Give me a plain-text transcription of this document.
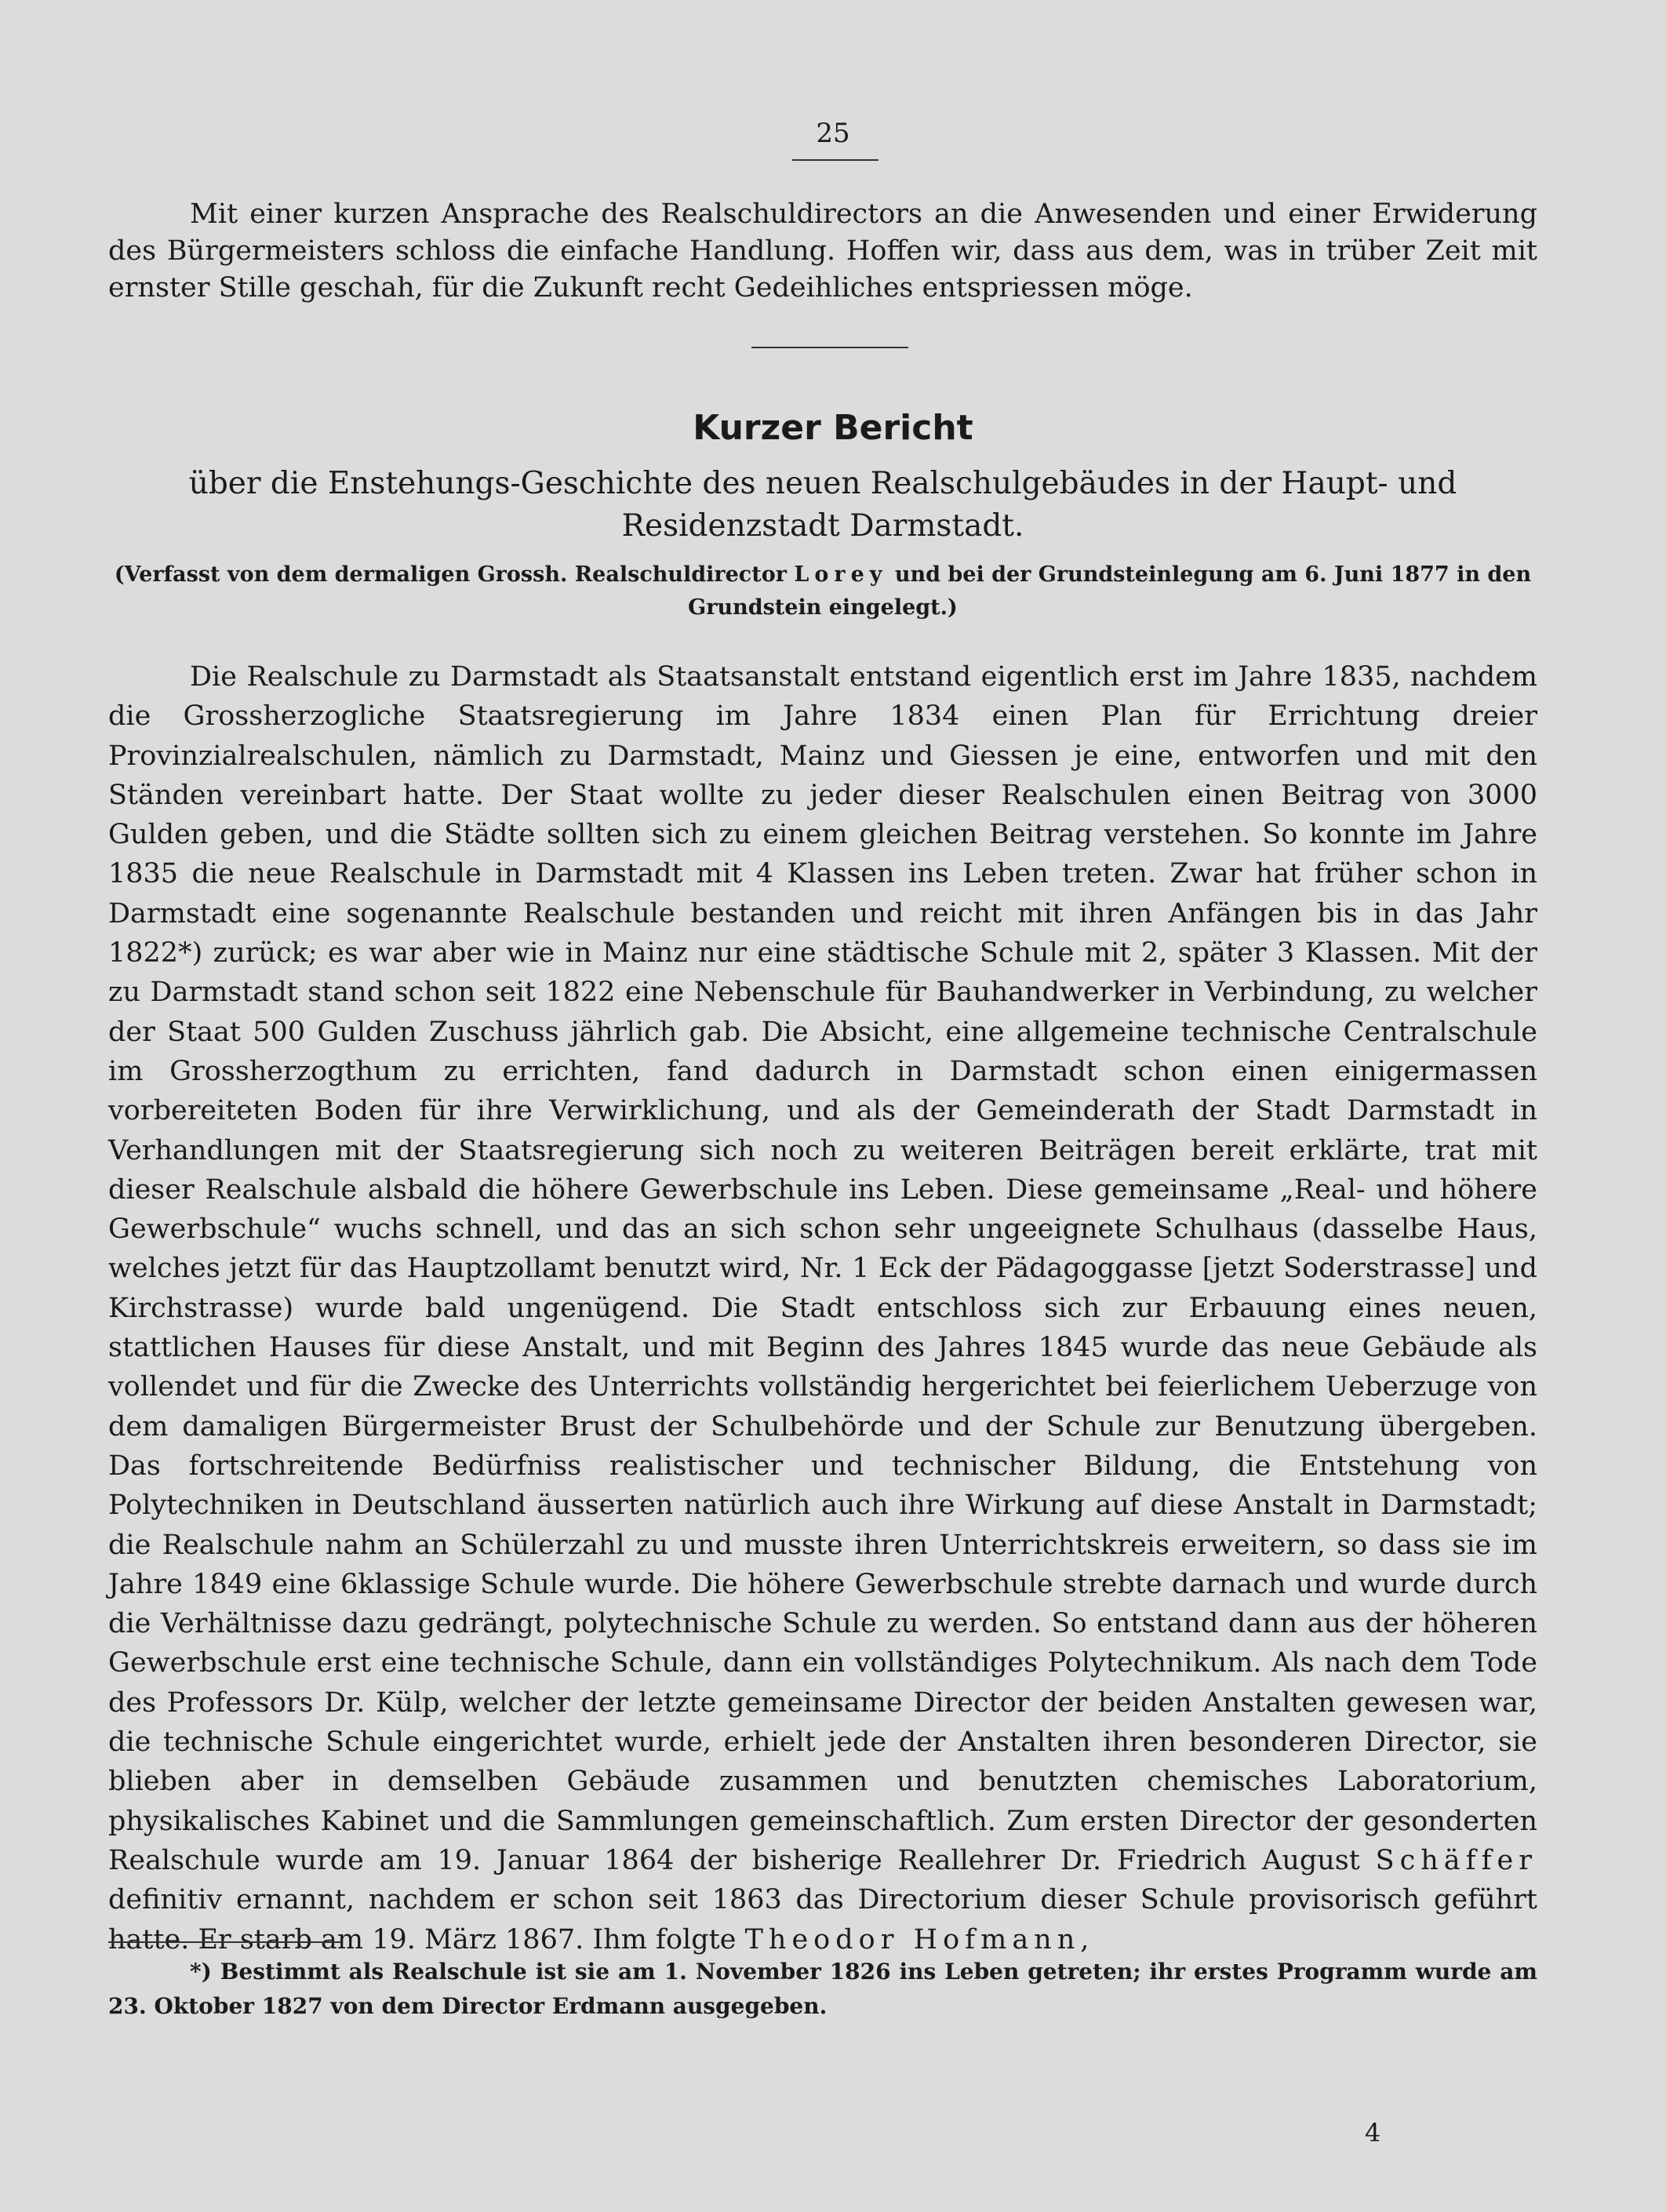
25

Mit einer kurzen Ansprache des Realschuldirectors an die Anwesenden und einer Erwiderung des Bürgermeisters schloss die einfache Handlung. Hoffen wir, dass aus dem, was in trüber Zeit mit ernster Stille geschah, für die Zukunft recht Gedeihliches entspriessen möge.

Kurzer Bericht
über die Enstehungs-Geschichte des neuen Realschulgebäudes in der Haupt- und Residenzstadt Darmstadt.
(Verfasst von dem dermaligen Grossh. Realschuldirector Lorey und bei der Grundsteinlegung am 6. Juni 1877 in den Grundstein eingelegt.)

Die Realschule zu Darmstadt als Staatsanstalt entstand eigentlich erst im Jahre 1835, nachdem die Grossherzogliche Staatsregierung im Jahre 1834 einen Plan für Errichtung dreier Provinzialrealschulen, nämlich zu Darmstadt, Mainz und Giessen je eine, entworfen und mit den Ständen vereinbart hatte. Der Staat wollte zu jeder dieser Realschulen einen Beitrag von 3000 Gulden geben, und die Städte sollten sich zu einem gleichen Beitrag verstehen. So konnte im Jahre 1835 die neue Realschule in Darmstadt mit 4 Klassen ins Leben treten. Zwar hat früher schon in Darmstadt eine sogenannte Realschule bestanden und reicht mit ihren Anfängen bis in das Jahr 1822*) zurück; es war aber wie in Mainz nur eine städtische Schule mit 2, später 3 Klassen. Mit der zu Darmstadt stand schon seit 1822 eine Nebenschule für Bauhandwerker in Verbindung, zu welcher der Staat 500 Gulden Zuschuss jährlich gab. Die Absicht, eine allgemeine technische Centralschule im Grossherzogthum zu errichten, fand dadurch in Darmstadt schon einen einigermassen vorbereiteten Boden für ihre Verwirklichung, und als der Gemeinderath der Stadt Darmstadt in Verhandlungen mit der Staatsregierung sich noch zu weiteren Beiträgen bereit erklärte, trat mit dieser Realschule alsbald die höhere Gewerbschule ins Leben. Diese gemeinsame „Real- und höhere Gewerbschule“ wuchs schnell, und das an sich schon sehr ungeeignete Schulhaus (dasselbe Haus, welches jetzt für das Hauptzollamt benutzt wird, Nr. 1 Eck der Pädagoggasse [jetzt Soderstrasse] und Kirchstrasse) wurde bald ungenügend. Die Stadt entschloss sich zur Erbauung eines neuen, stattlichen Hauses für diese Anstalt, und mit Beginn des Jahres 1845 wurde das neue Gebäude als vollendet und für die Zwecke des Unterrichts vollständig hergerichtet bei feierlichem Ueberzuge von dem damaligen Bürgermeister Brust der Schulbehörde und der Schule zur Benutzung übergeben. Das fortschreitende Bedürfniss realistischer und technischer Bildung, die Entstehung von Polytechniken in Deutschland äusserten natürlich auch ihre Wirkung auf diese Anstalt in Darmstadt; die Realschule nahm an Schülerzahl zu und musste ihren Unterrichtskreis erweitern, so dass sie im Jahre 1849 eine 6klassige Schule wurde. Die höhere Gewerbschule strebte darnach und wurde durch die Verhältnisse dazu gedrängt, polytechnische Schule zu werden. So entstand dann aus der höheren Gewerbschule erst eine technische Schule, dann ein vollständiges Polytechnikum. Als nach dem Tode des Professors Dr. Külp, welcher der letzte gemeinsame Director der beiden Anstalten gewesen war, die technische Schule eingerichtet wurde, erhielt jede der Anstalten ihren besonderen Director, sie blieben aber in demselben Gebäude zusammen und benutzten chemisches Laboratorium, physikalisches Kabinet und die Sammlungen gemeinschaftlich. Zum ersten Director der gesonderten Realschule wurde am 19. Januar 1864 der bisherige Reallehrer Dr. Friedrich August Schäffer definitiv ernannt, nachdem er schon seit 1863 das Directorium dieser Schule provisorisch geführt hatte. Er starb am 19. März 1867. Ihm folgte Theodor Hofmann,

*) Bestimmt als Realschule ist sie am 1. November 1826 ins Leben getreten; ihr erstes Programm wurde am 23. Oktober 1827 von dem Director Erdmann ausgegeben.

4
